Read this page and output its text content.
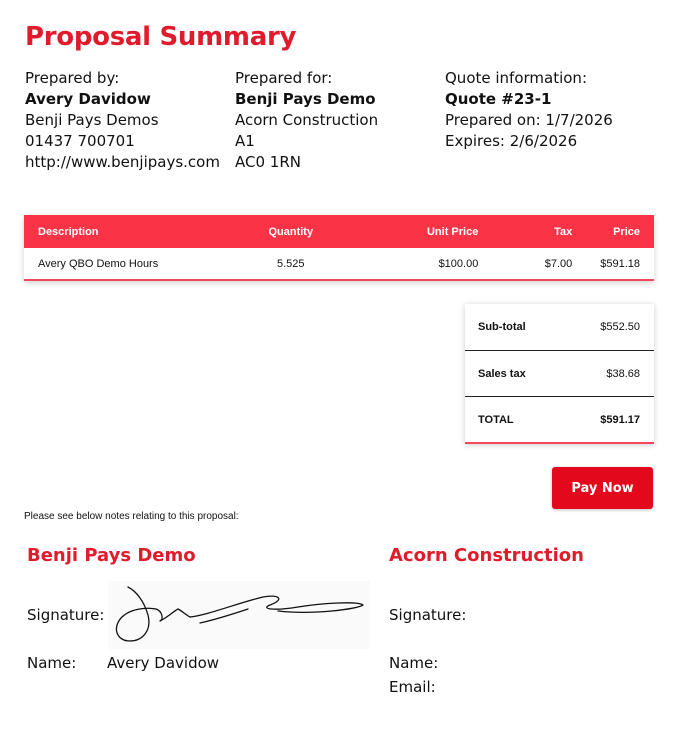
Proposal Summary
Prepared by:
Avery Davidow
Benji Pays Demos
01437 700701
http://www.benjipays.com
Prepared for:
Benji Pays Demo
Acorn Construction
A1
AC0 1RN
Quote information:
Quote #23-1
Prepared on: 1/7/2026
Expires: 2/6/2026
Description	Quantity	Unit Price	Tax	Price
Avery QBO Demo Hours	5.525	$100.00	$7.00	$591.18
Sub-total	$552.50
Sales tax	$38.68
TOTAL	$591.17
Pay Now
Please see below notes relating to this proposal:
Benji Pays Demo
Signature:
Name: Avery Davidow
Acorn Construction
Signature:
Name:
Email:
